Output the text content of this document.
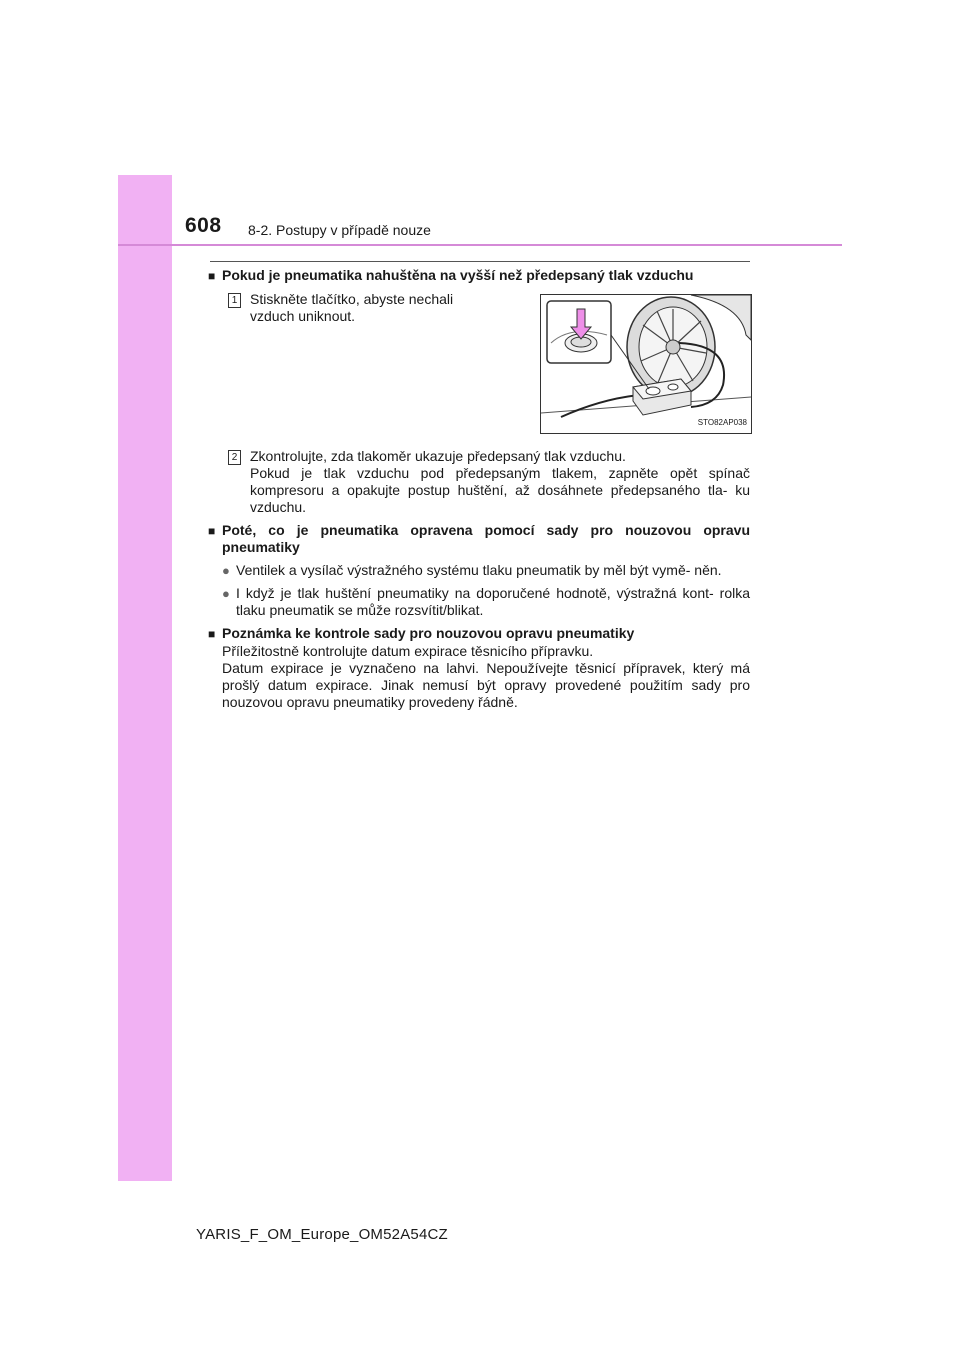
608 8-2. Postupy v případě nouze
■ Pokud je pneumatika nahuštěna na vyšší než předepsaný tlak vzduchu
1 Stiskněte tlačítko, abyste nechali vzduch uniknout.
STO82AP038
2 Zkontrolujte, zda tlakoměr ukazuje předepsaný tlak vzduchu.
Pokud je tlak vzduchu pod předepsaným tlakem, zapněte opět spínač kompresoru a opakujte postup huštění, až dosáhnete předepsaného tla- ku vzduchu.
■ Poté, co je pneumatika opravena pomocí sady pro nouzovou opravu pneumatiky
● Ventilek a vysílač výstražného systému tlaku pneumatik by měl být vymě- něn.
● I když je tlak huštění pneumatiky na doporučené hodnotě, výstražná kont- rolka tlaku pneumatik se může rozsvítit/blikat.
■ Poznámka ke kontrole sady pro nouzovou opravu pneumatiky
Příležitostně kontrolujte datum expirace těsnicího přípravku.
Datum expirace je vyznačeno na lahvi. Nepoužívejte těsnicí přípravek, který má prošlý datum expirace. Jinak nemusí být opravy provedené použitím sady pro nouzovou opravu pneumatiky provedeny řádně.
YARIS_F_OM_Europe_OM52A54CZ
